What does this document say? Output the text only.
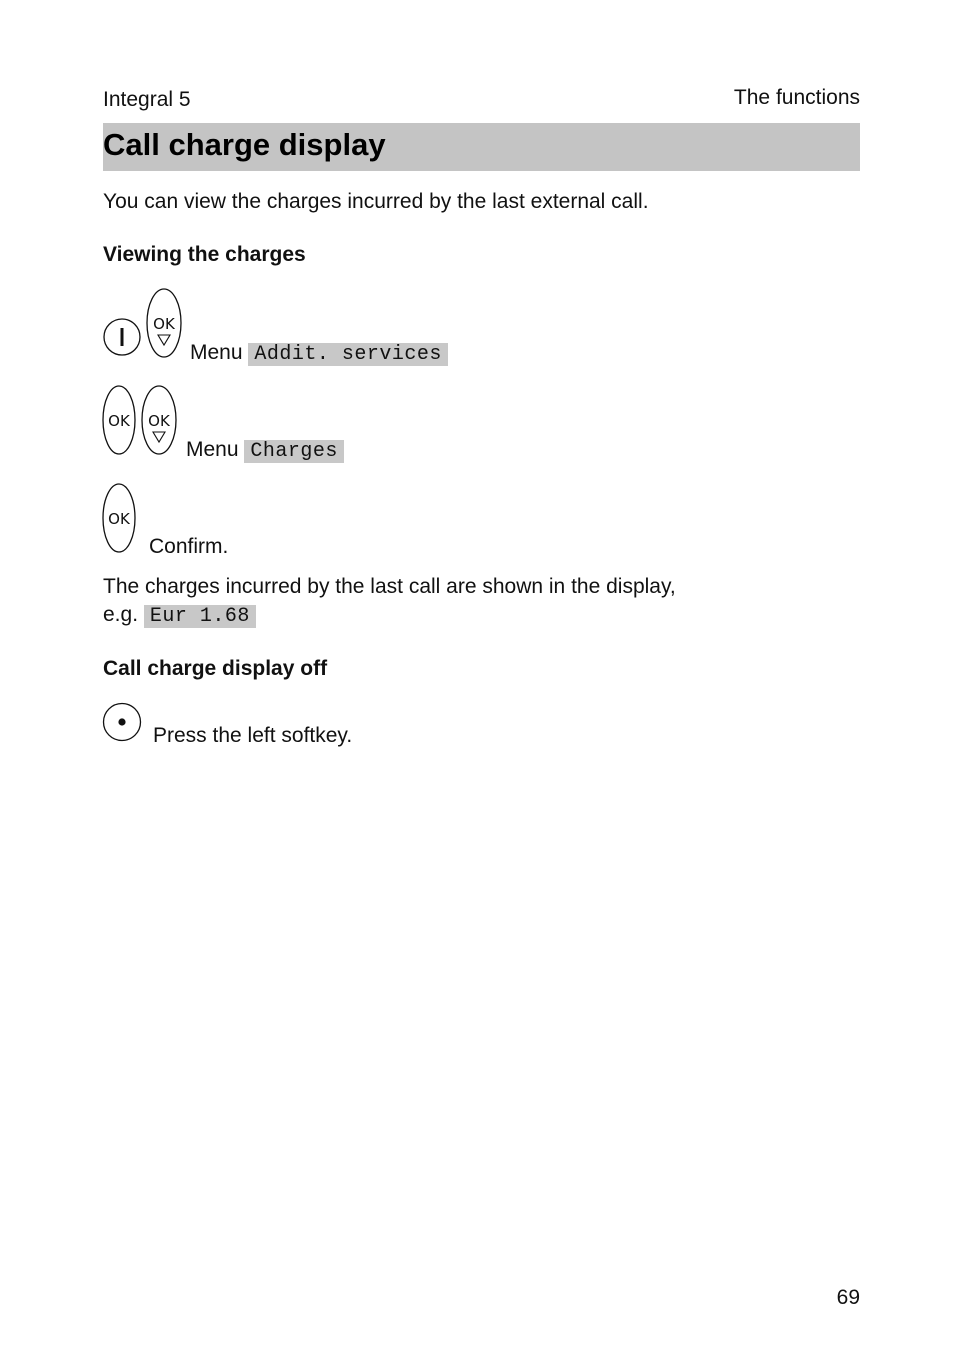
Integral 5	The functions
Call charge display
You can view the charges incurred by the last external call.
Viewing the charges
OK
Menu Addit. services
OK OK
Menu Charges
OK
Confirm.
The charges incurred by the last call are shown in the display,
e.g. Eur 1.68
Call charge display off
Press the left softkey.
69
